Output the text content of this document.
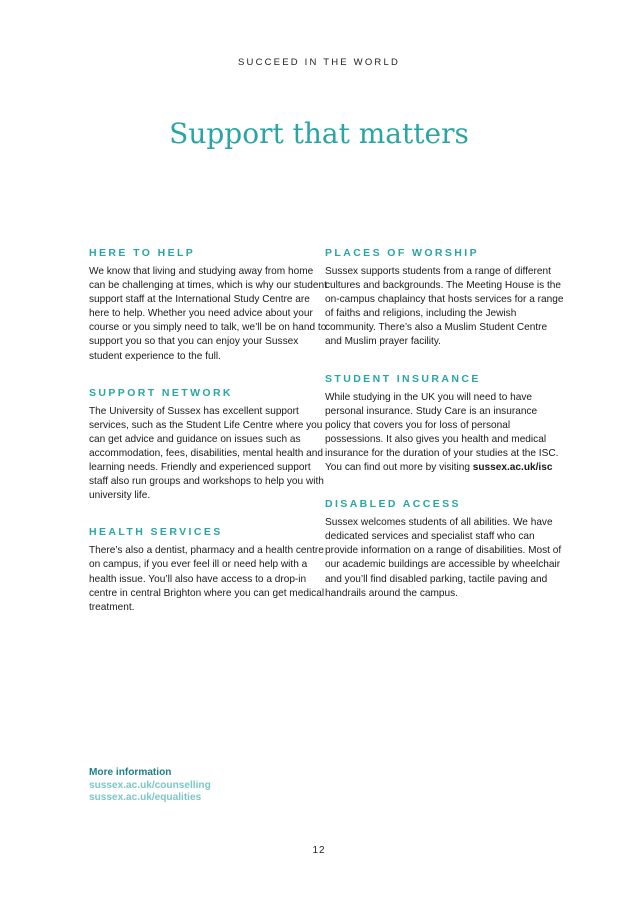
SUCCEED IN THE WORLD
Support that matters
HERE TO HELP

We know that living and studying away from home can be challenging at times, which is why our student support staff at the International Study Centre are here to help. Whether you need advice about your course or you simply need to talk, we’ll be on hand to support you so that you can enjoy your Sussex student experience to the full.

SUPPORT NETWORK

The University of Sussex has excellent support services, such as the Student Life Centre where you can get advice and guidance on issues such as accommodation, fees, disabilities, mental health and learning needs. Friendly and experienced support staff also run groups and workshops to help you with university life.

HEALTH SERVICES

There’s also a dentist, pharmacy and a health centre on campus, if you ever feel ill or need help with a health issue. You’ll also have access to a drop-in centre in central Brighton where you can get medical treatment.

PLACES OF WORSHIP

Sussex supports students from a range of different cultures and backgrounds. The Meeting House is the on-campus chaplaincy that hosts services for a range of faiths and religions, including the Jewish community. There’s also a Muslim Student Centre and Muslim prayer facility.

STUDENT INSURANCE

While studying in the UK you will need to have personal insurance. Study Care is an insurance policy that covers you for loss of personal possessions. It also gives you health and medical insurance for the duration of your studies at the ISC. You can find out more by visiting sussex.ac.uk/isc

DISABLED ACCESS

Sussex welcomes students of all abilities. We have dedicated services and specialist staff who can provide information on a range of disabilities. Most of our academic buildings are accessible by wheelchair and you’ll find disabled parking, tactile paving and handrails around the campus.

More information
sussex.ac.uk/counselling
sussex.ac.uk/equalities
12
